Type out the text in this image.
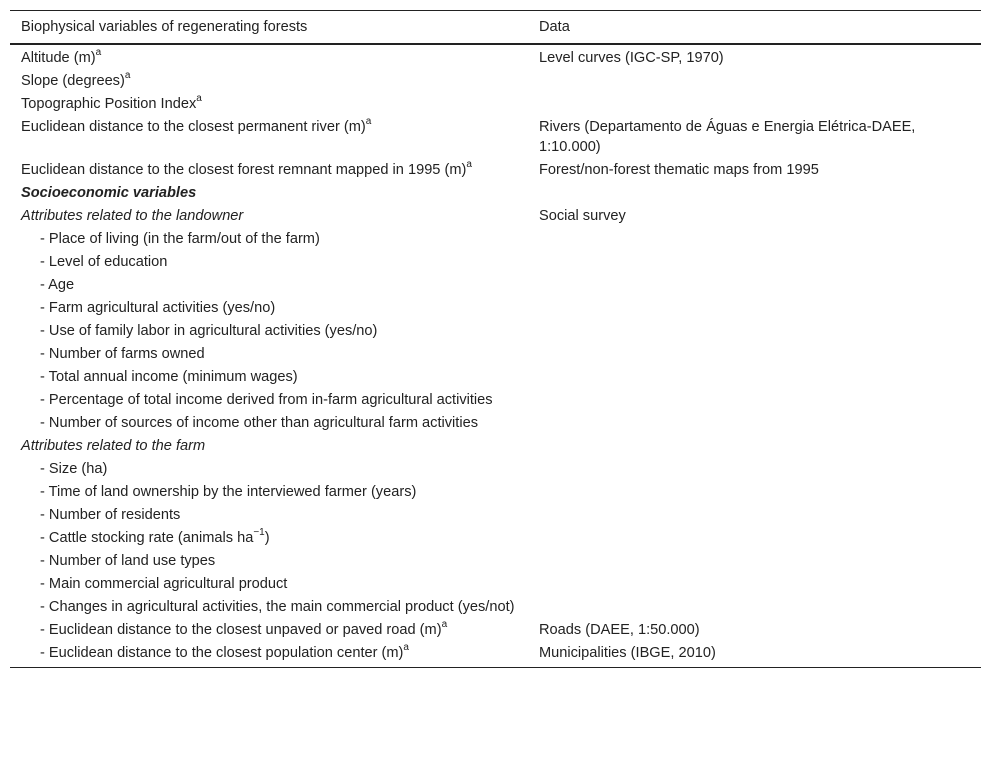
Biophysical variables of regenerating forests	Data
Altitude $(m)^a$	Level curves (IGC-SP, 1970)
Slope (degrees)$^a$	
Topographic Position Index$^a$	
Euclidean distance to the closest permanent river $(m)^a$	Rivers (Departamento de Águas e Energia Elétrica-DAEE, 1:10.000)
Euclidean distance to the closest forest remnant mapped in 1995 $(m)^a$	Forest/non-forest thematic maps from 1995
Socioeconomic variables	
Attributes related to the landowner	Social survey
- Place of living (in the farm/out of the farm)	
- Level of education	
- Age	
- Farm agricultural activities (yes/no)	
- Use of family labor in agricultural activities (yes/no)	
- Number of farms owned	
- Total annual income (minimum wages)	
- Percentage of total income derived from in-farm agricultural activities	
- Number of sources of income other than agricultural farm activities	
Attributes related to the farm	
- Size (ha)	
- Time of land ownership by the interviewed farmer (years)	
- Number of residents	
- Cattle stocking rate (animals $ha^{-1}$)	
- Number of land use types	
- Main commercial agricultural product	
- Changes in agricultural activities, the main commercial product (yes/not)	
- Euclidean distance to the closest unpaved or paved road $(m)^a$	Roads (DAEE, 1:50.000)
- Euclidean distance to the closest population center $(m)^a$	Municipalities (IBGE, 2010)
